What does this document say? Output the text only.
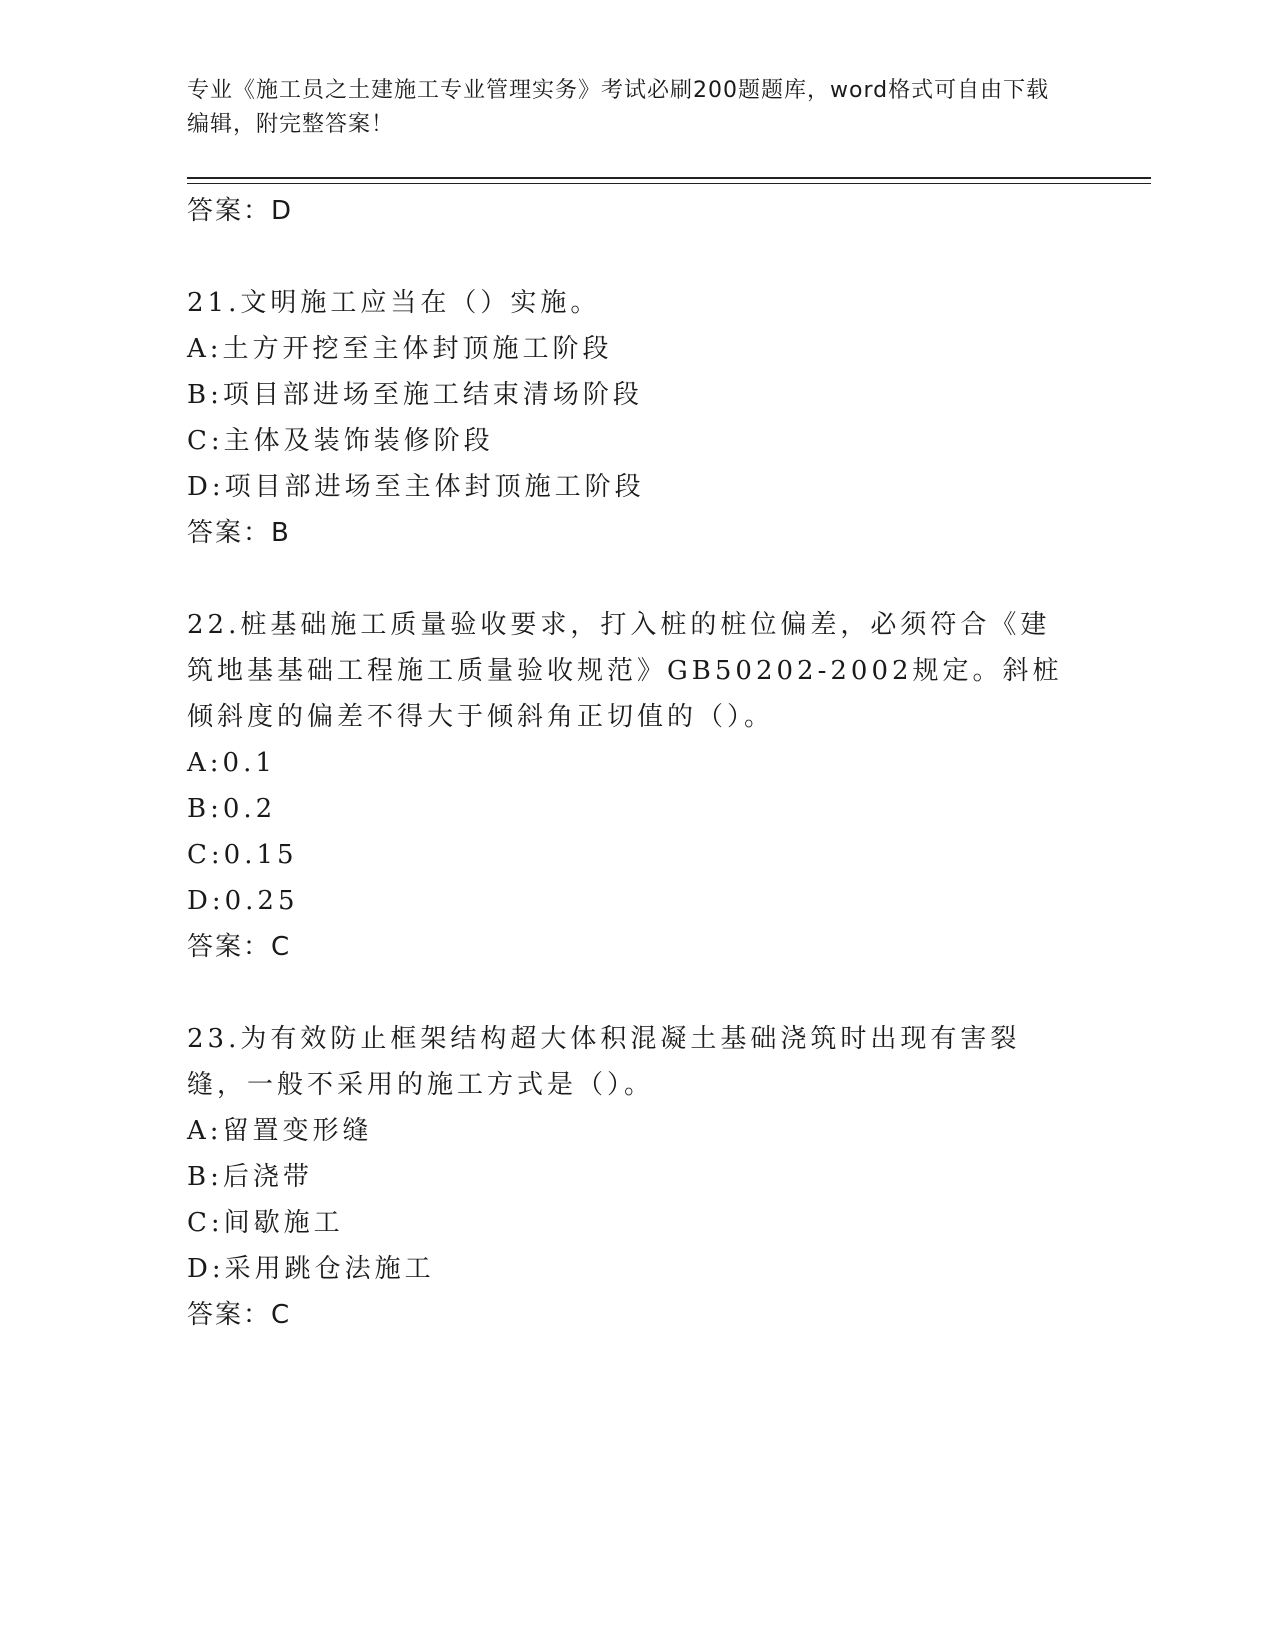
专业《施工员之土建施工专业管理实务》考试必刷200题题库，word格式可自由下载编辑，附完整答案！
答案：D
21.文明施工应当在（）实施。
A:土方开挖至主体封顶施工阶段
B:项目部进场至施工结束清场阶段
C:主体及装饰装修阶段
D:项目部进场至主体封顶施工阶段
答案：B
22.桩基础施工质量验收要求，打入桩的桩位偏差，必须符合《建筑地基基础工程施工质量验收规范》GB50202-2002规定。斜桩倾斜度的偏差不得大于倾斜角正切值的（）。
A:0.1
B:0.2
C:0.15
D:0.25
答案：C
23.为有效防止框架结构超大体积混凝土基础浇筑时出现有害裂缝，一般不采用的施工方式是（）。
A:留置变形缝
B:后浇带
C:间歇施工
D:采用跳仓法施工
答案：C
